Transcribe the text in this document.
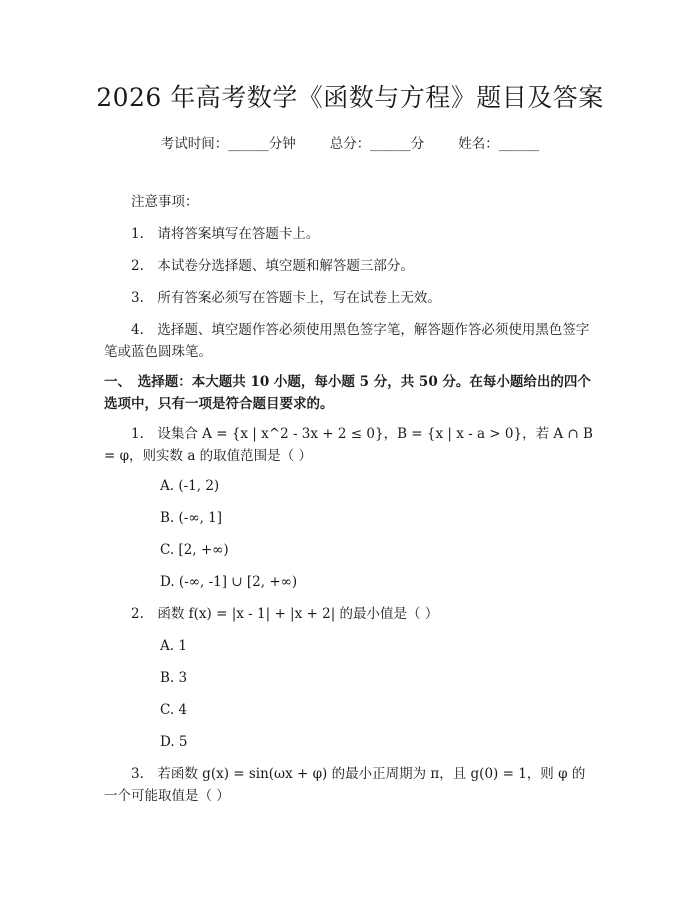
2026 年高考数学《函数与方程》题目及答案
考试时间：______分钟	总分：______分	姓名：______
注意事项：
1.　请将答案填写在答题卡上。
2.　本试卷分选择题、填空题和解答题三部分。
3.　所有答案必须写在答题卡上，写在试卷上无效。
4.　选择题、填空题作答必须使用黑色签字笔，解答题作答必须使用黑色签字笔或蓝色圆珠笔。
一、　选择题：本大题共 10 小题，每小题 5 分，共 50 分。在每小题给出的四个选项中，只有一项是符合题目要求的。
1.　设集合 A = {x | x^2 - 3x + 2 ≤ 0}，B = {x | x - a > 0}，若 A ∩ B = φ，则实数 a 的取值范围是（ ）
A. (-1, 2)
B. (-∞, 1]
C. [2, +∞)
D. (-∞, -1] ∪ [2, +∞)
2.　函数 f(x) = |x - 1| + |x + 2| 的最小值是（ ）
A. 1
B. 3
C. 4
D. 5
3.　若函数 g(x) = sin(ωx + φ) 的最小正周期为 π，且 g(0) = 1，则 φ 的一个可能取值是（ ）
